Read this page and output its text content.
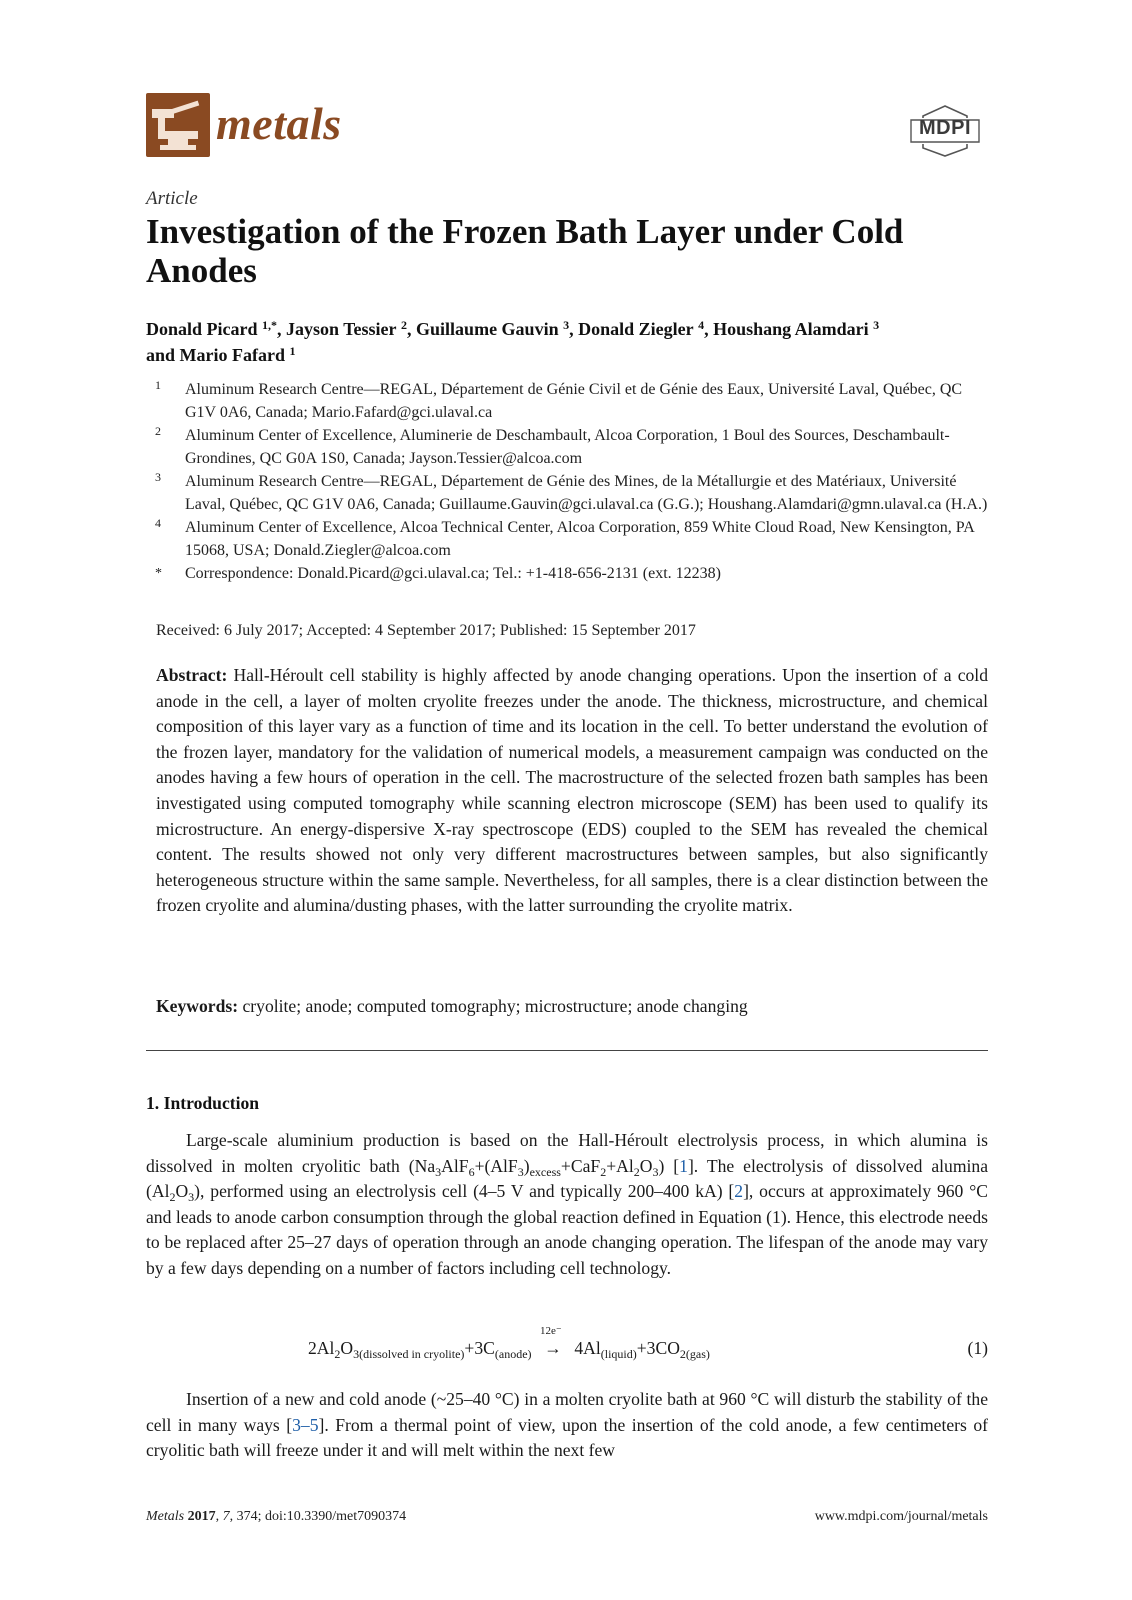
metals	MDPI
Article
Investigation of the Frozen Bath Layer under Cold Anodes
Donald Picard $^{1,*}$, Jayson Tessier $^2$, Guillaume Gauvin $^3$, Donald Ziegler $^4$, Houshang Alamdari $^3$
and Mario Fafard $^1$
1 Aluminum Research Centre—REGAL, Département de Génie Civil et de Génie des Eaux, Université Laval, Québec, QC G1V 0A6, Canada; Mario.Fafard@gci.ulaval.ca
2 Aluminum Center of Excellence, Aluminerie de Deschambault, Alcoa Corporation, 1 Boul des Sources, Deschambault-Grondines, QC G0A 1S0, Canada; Jayson.Tessier@alcoa.com
3 Aluminum Research Centre—REGAL, Département de Génie des Mines, de la Métallurgie et des Matériaux, Université Laval, Québec, QC G1V 0A6, Canada; Guillaume.Gauvin@gci.ulaval.ca (G.G.); Houshang.Alamdari@gmn.ulaval.ca (H.A.)
4 Aluminum Center of Excellence, Alcoa Technical Center, Alcoa Corporation, 859 White Cloud Road, New Kensington, PA 15068, USA; Donald.Ziegler@alcoa.com
* Correspondence: Donald.Picard@gci.ulaval.ca; Tel.: +1-418-656-2131 (ext. 12238)
Received: 6 July 2017; Accepted: 4 September 2017; Published: 15 September 2017
Abstract: Hall-Héroult cell stability is highly affected by anode changing operations. Upon the insertion of a cold anode in the cell, a layer of molten cryolite freezes under the anode. The thickness, microstructure, and chemical composition of this layer vary as a function of time and its location in the cell. To better understand the evolution of the frozen layer, mandatory for the validation of numerical models, a measurement campaign was conducted on the anodes having a few hours of operation in the cell. The macrostructure of the selected frozen bath samples has been investigated using computed tomography while scanning electron microscope (SEM) has been used to qualify its microstructure. An energy-dispersive X-ray spectroscope (EDS) coupled to the SEM has revealed the chemical content. The results showed not only very different macrostructures between samples, but also significantly heterogeneous structure within the same sample. Nevertheless, for all samples, there is a clear distinction between the frozen cryolite and alumina/dusting phases, with the latter surrounding the cryolite matrix.
Keywords: cryolite; anode; computed tomography; microstructure; anode changing
1. Introduction
Large-scale aluminium production is based on the Hall-Héroult electrolysis process, in which alumina is dissolved in molten cryolitic bath $(Na_3AlF_6+(AlF_3)_{excess}+CaF_2+Al_2O_3)$ [1]. The electrolysis of dissolved alumina $(Al_2O_3)$, performed using an electrolysis cell (4–5 V and typically 200–400 kA) [2], occurs at approximately 960 °C and leads to anode carbon consumption through the global reaction defined in Equation (1). Hence, this electrode needs to be replaced after 25–27 days of operation through an anode changing operation. The lifespan of the anode may vary by a few days depending on a number of factors including cell technology.
$2Al_2O_{3(dissolved in cryolite)}+3C_{(anode)}$
12e⁻
→ $4Al_{(liquid)}+3CO_{2(gas)}$	(1)
Insertion of a new and cold anode (~25–40 °C) in a molten cryolite bath at 960 °C will disturb the stability of the cell in many ways [3–5]. From a thermal point of view, upon the insertion of the cold anode, a few centimeters of cryolitic bath will freeze under it and will melt within the next few
Metals 2017, 7, 374; doi:10.3390/met7090374	www.mdpi.com/journal/metals
